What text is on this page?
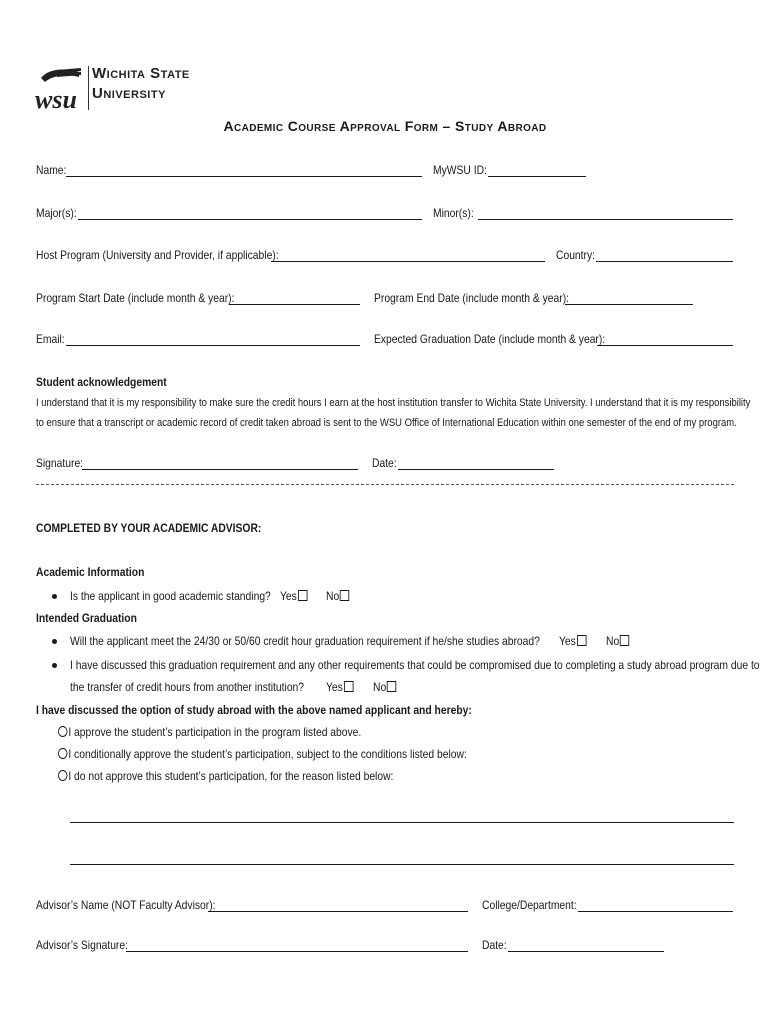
wsu
Wichita State
University
Academic Course Approval Form – Study Abroad
Name:	MyWSU ID:
Major(s):	Minor(s):
Host Program (University and Provider, if applicable):	Country:
Program Start Date (include month & year):	Program End Date (include month & year):
Email:	Expected Graduation Date (include month & year):
Student acknowledgement
I understand that it is my responsibility to make sure the credit hours I earn at the host institution transfer to Wichita State University. I understand that it is my responsibility
to ensure that a transcript or academic record of credit taken abroad is sent to the WSU Office of International Education within one semester of the end of my program.
Signature:	Date:
COMPLETED BY YOUR ACADEMIC ADVISOR:
Academic Information
Is the applicant in good academic standing? Yes	No
Intended Graduation
Will the applicant meet the 24/30 or 50/60 credit hour graduation requirement if he/she studies abroad? Yes	No
I have discussed this graduation requirement and any other requirements that could be compromised due to completing a study abroad program due to
the transfer of credit hours from another institution? Yes	No
I have discussed the option of study abroad with the above named applicant and hereby:
I approve the student’s participation in the program listed above.
I conditionally approve the student’s participation, subject to the conditions listed below:
I do not approve this student’s participation, for the reason listed below:
Advisor’s Name (NOT Faculty Advisor):	College/Department:
Advisor’s Signature:	Date:
